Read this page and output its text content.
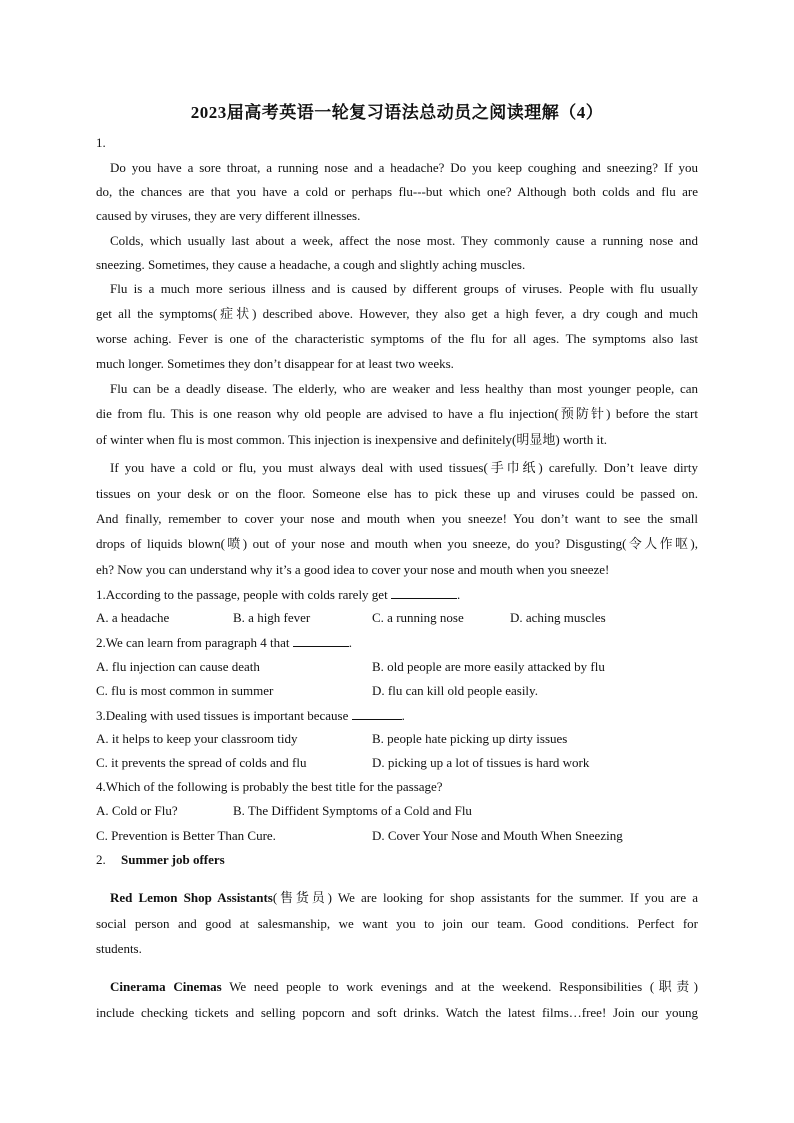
2023届高考英语一轮复习语法总动员之阅读理解（4）
1.
Do you have a sore throat, a running nose and a headache? Do you keep coughing and sneezing? If you
do, the chances are that you have a cold or perhaps flu---but which one? Although both colds and flu are
caused by viruses, they are very different illnesses.
Colds, which usually last about a week, affect the nose most. They commonly cause a running nose and
sneezing. Sometimes, they cause a headache, a cough and slightly aching muscles.
Flu is a much more serious illness and is caused by different groups of viruses. People with flu usually
get all the symptoms(症状) described above. However, they also get a high fever, a dry cough and much
worse aching. Fever is one of the characteristic symptoms of the flu for all ages. The symptoms also last
much longer. Sometimes they don’t disappear for at least two weeks.
Flu can be a deadly disease. The elderly, who are weaker and less healthy than most younger people, can
die from flu. This is one reason why old people are advised to have a flu injection(预防针) before the start
of winter when flu is most common. This injection is inexpensive and definitely(明显地) worth it.
If you have a cold or flu, you must always deal with used tissues(手巾纸) carefully. Don’t leave dirty
tissues on your desk or on the floor. Someone else has to pick these up and viruses could be passed on.
And finally, remember to cover your nose and mouth when you sneeze! You don’t want to see the small
drops of liquids blown(喷) out of your nose and mouth when you sneeze, do you? Disgusting(令人作呕),
eh? Now you can understand why it’s a good idea to cover your nose and mouth when you sneeze!
1.According to the passage, people with colds rarely get	.
A. a headache	B. a high fever	C. a running nose	D. aching muscles
2.We can learn from paragraph 4 that	.
A. flu injection can cause death	B. old people are more easily attacked by flu
C. flu is most common in summer	D. flu can kill old people easily.
3.Dealing with used tissues is important because	.
A. it helps to keep your classroom tidy	B. people hate picking up dirty issues
C. it prevents the spread of colds and flu	D. picking up a lot of tissues is hard work
4.Which of the following is probably the best title for the passage?
A. Cold or Flu?	B. The Diffident Symptoms of a Cold and Flu
C. Prevention is Better Than Cure.	D. Cover Your Nose and Mouth When Sneezing
2. Summer job offers
Red Lemon Shop Assistants(售货员) We are looking for shop assistants for the summer. If you are a
social person and good at salesmanship, we want you to join our team. Good conditions. Perfect for
students.
Cinerama Cinemas We need people to work evenings and at the weekend. Responsibilities (职责)
include checking tickets and selling popcorn and soft drinks. Watch the latest films…free! Join our young
